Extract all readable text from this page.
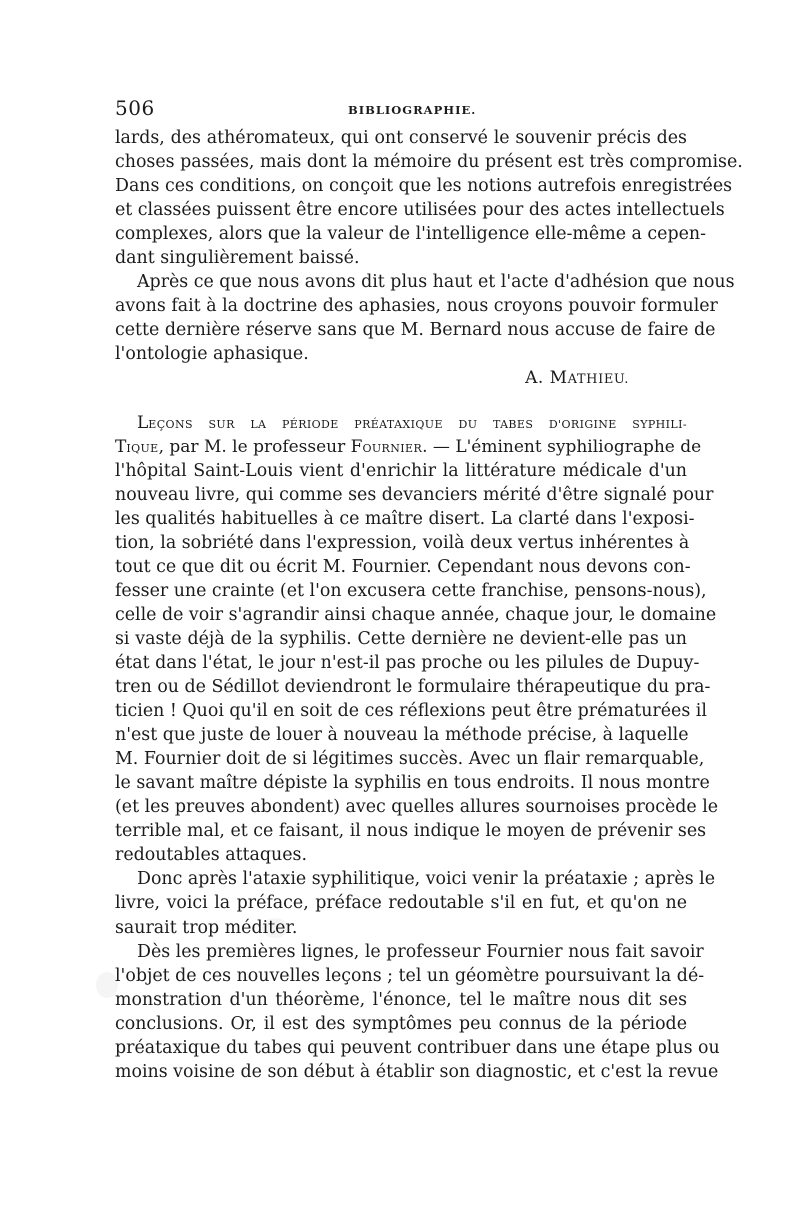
506	BIBLIOGRAPHIE.
lards, des athéromateux, qui ont conservé le souvenir précis des
choses passées, mais dont la mémoire du présent est très compromise.
Dans ces conditions, on conçoit que les notions autrefois enregistrées
et classées puissent être encore utilisées pour des actes intellectuels
complexes, alors que la valeur de l'intelligence elle-même a cepen-
dant singulièrement baissé.
Après ce que nous avons dit plus haut et l'acte d'adhésion que nous
avons fait à la doctrine des aphasies, nous croyons pouvoir formuler
cette dernière réserve sans que M. Bernard nous accuse de faire de
l'ontologie aphasique.
A. MATHIEU.
LEÇONS SUR LA PÉRIODE PRÉATAXIQUE DU TABES D'ORIGINE SYPHILI-
TIQUE, par M. le professeur FOURNIER. — L'éminent syphiliographe de
l'hôpital Saint-Louis vient d'enrichir la littérature médicale d'un
nouveau livre, qui comme ses devanciers mérité d'être signalé pour
les qualités habituelles à ce maître disert. La clarté dans l'exposi-
tion, la sobriété dans l'expression, voilà deux vertus inhérentes à
tout ce que dit ou écrit M. Fournier. Cependant nous devons con-
fesser une crainte (et l'on excusera cette franchise, pensons-nous),
celle de voir s'agrandir ainsi chaque année, chaque jour, le domaine
si vaste déjà de la syphilis. Cette dernière ne devient-elle pas un
état dans l'état, le jour n'est-il pas proche ou les pilules de Dupuy-
tren ou de Sédillot deviendront le formulaire thérapeutique du pra-
ticien ! Quoi qu'il en soit de ces réflexions peut être prématurées il
n'est que juste de louer à nouveau la méthode précise, à laquelle
M. Fournier doit de si légitimes succès. Avec un flair remarquable,
le savant maître dépiste la syphilis en tous endroits. Il nous montre
(et les preuves abondent) avec quelles allures sournoises procède le
terrible mal, et ce faisant, il nous indique le moyen de prévenir ses
redoutables attaques.
Donc après l'ataxie syphilitique, voici venir la préataxie ; après le
livre, voici la préface, préface redoutable s'il en fut, et qu'on ne
saurait trop méditer.
Dès les premières lignes, le professeur Fournier nous fait savoir
l'objet de ces nouvelles leçons ; tel un géomètre poursuivant la dé-
monstration d'un théorème, l'énonce, tel le maître nous dit ses
conclusions. Or, il est des symptômes peu connus de la période
préataxique du tabes qui peuvent contribuer dans une étape plus ou
moins voisine de son début à établir son diagnostic, et c'est la revue
